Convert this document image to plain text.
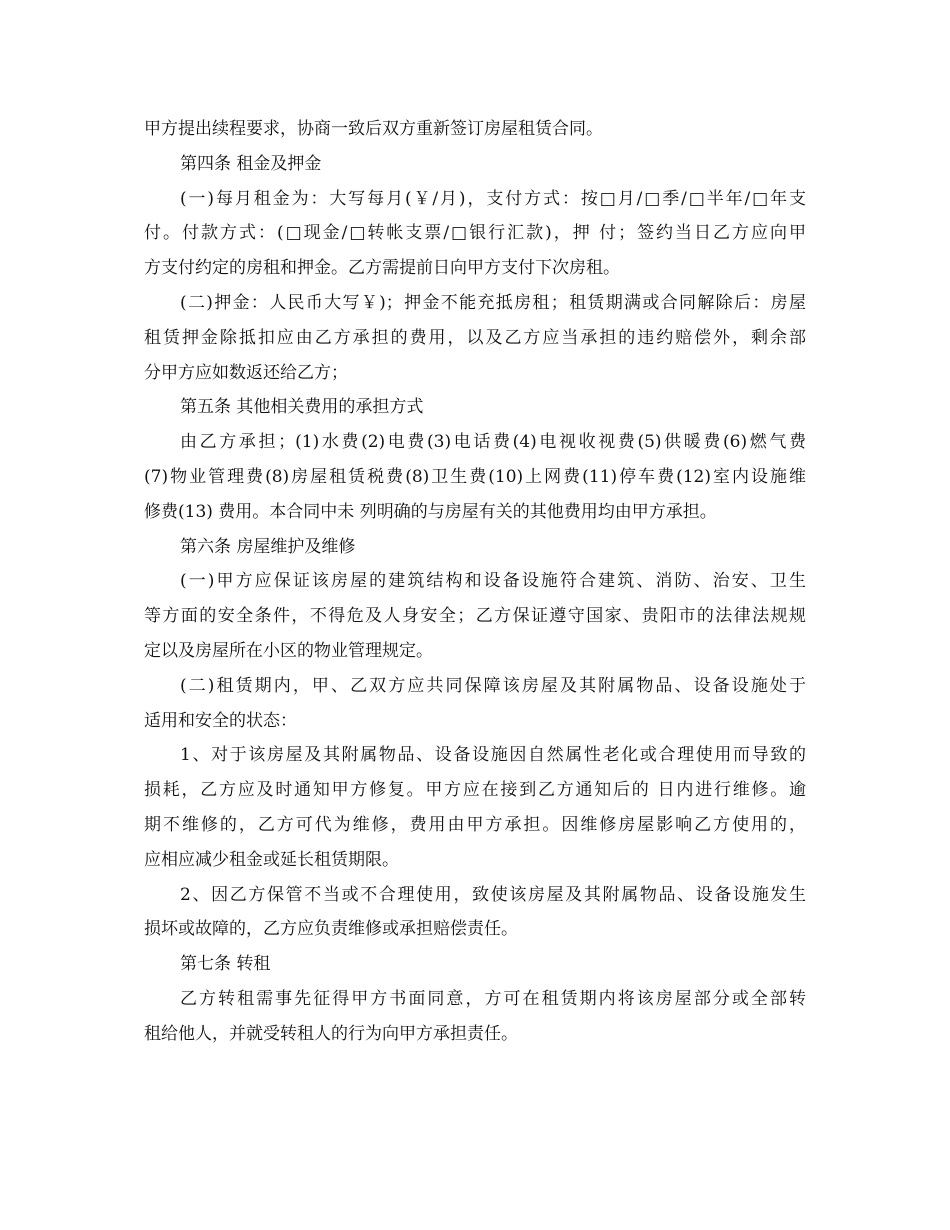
甲方提出续程要求，协商一致后双方重新签订房屋租赁合同。

第四条 租金及押金

(一)每月租金为：大写每月(￥/月)，支付方式：按□月/□季/□半年/□年支
付。付款方式：(□现金/□转帐支票/□银行汇款)，押 付；签约当日乙方应向甲
方支付约定的房租和押金。乙方需提前日向甲方支付下次房租。

(二)押金：人民币大写￥)；押金不能充抵房租；租赁期满或合同解除后：房屋
租赁押金除抵扣应由乙方承担的费用，以及乙方应当承担的违约赔偿外，剩余部
分甲方应如数返还给乙方；

第五条 其他相关费用的承担方式

由乙方承担；(1)水费(2)电费(3)电话费(4)电视收视费(5)供暖费(6)燃气费
(7)物业管理费(8)房屋租赁税费(8)卫生费(10)上网费(11)停车费(12)室内设施维
修费(13) 费用。本合同中未 列明确的与房屋有关的其他费用均由甲方承担。

第六条 房屋维护及维修

(一)甲方应保证该房屋的建筑结构和设备设施符合建筑、消防、治安、卫生
等方面的安全条件，不得危及人身安全；乙方保证遵守国家、贵阳市的法律法规规
定以及房屋所在小区的物业管理规定。

(二)租赁期内，甲、乙双方应共同保障该房屋及其附属物品、设备设施处于
适用和安全的状态：

1、对于该房屋及其附属物品、设备设施因自然属性老化或合理使用而导致的
损耗，乙方应及时通知甲方修复。甲方应在接到乙方通知后的 日内进行维修。逾
期不维修的，乙方可代为维修，费用由甲方承担。因维修房屋影响乙方使用的，
应相应减少租金或延长租赁期限。

2、因乙方保管不当或不合理使用，致使该房屋及其附属物品、设备设施发生
损坏或故障的，乙方应负责维修或承担赔偿责任。

第七条 转租

乙方转租需事先征得甲方书面同意，方可在租赁期内将该房屋部分或全部转
租给他人，并就受转租人的行为向甲方承担责任。
